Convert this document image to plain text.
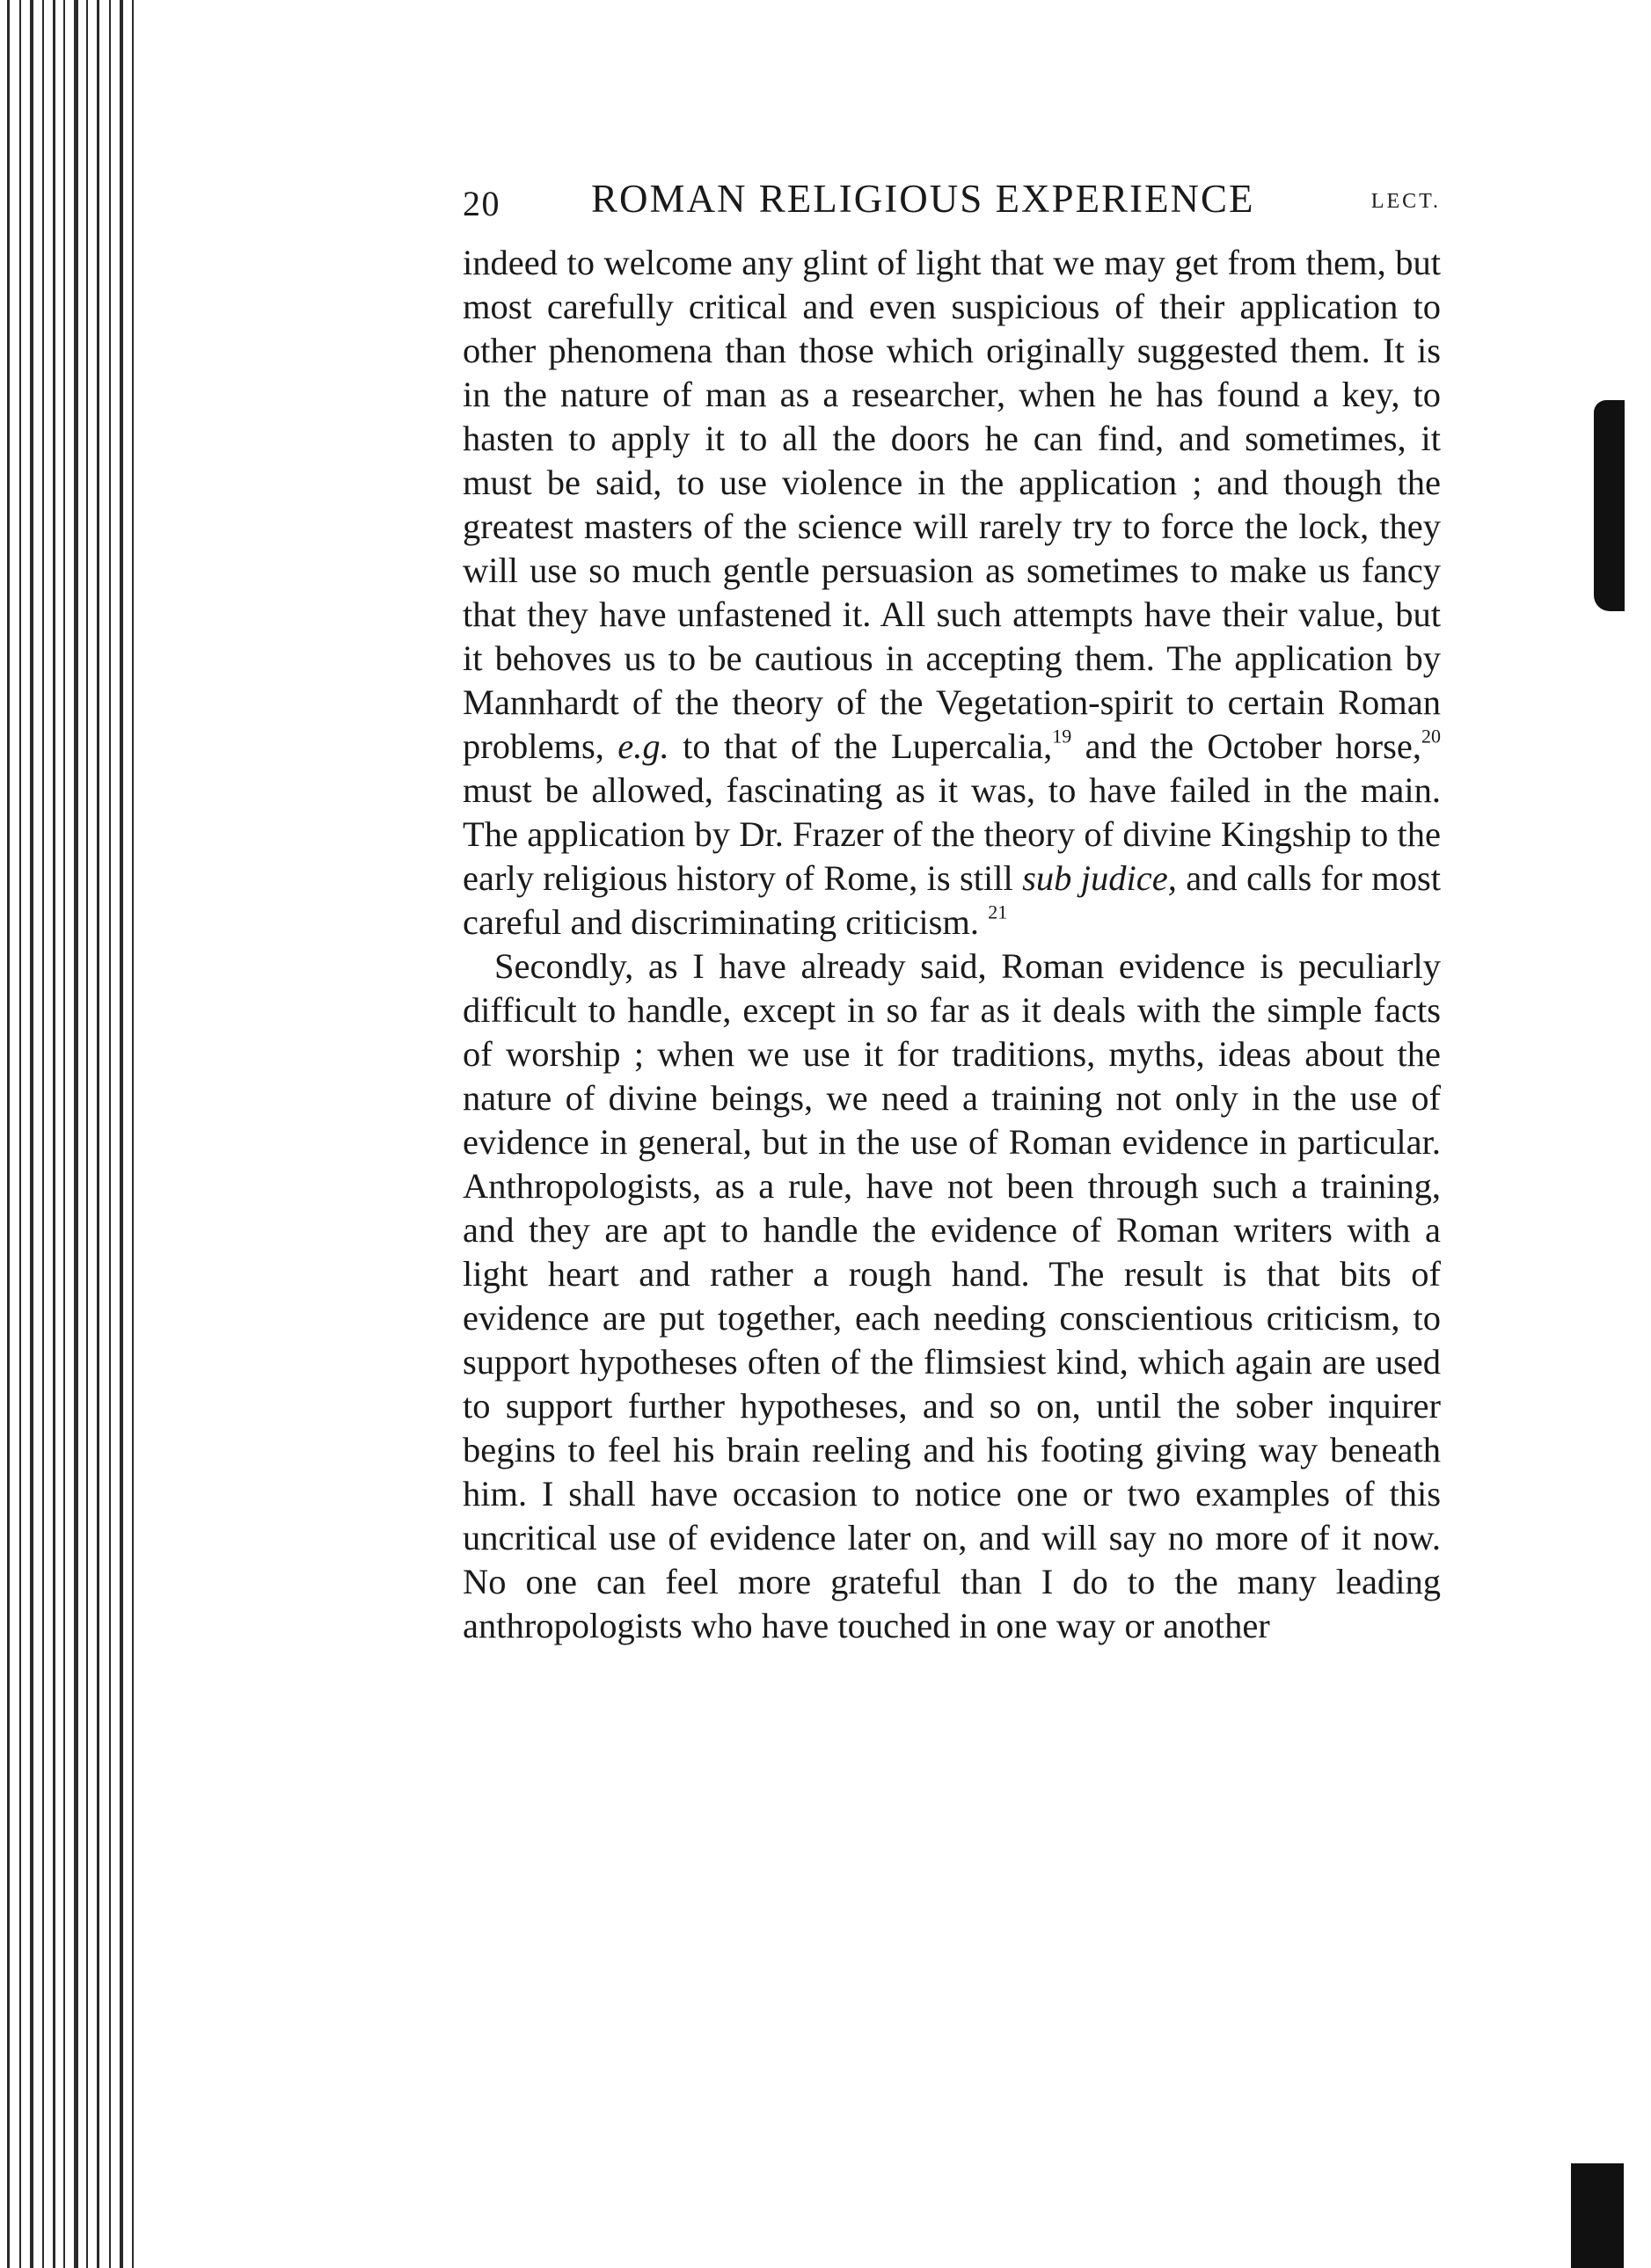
20 ROMAN RELIGIOUS EXPERIENCE	LECT.

indeed to welcome any glint of light that we may get from them, but most carefully critical and even suspicious of their application to other phenomena than those which originally suggested them. It is in the nature of man as a researcher, when he has found a key, to hasten to apply it to all the doors he can find, and sometimes, it must be said, to use violence in the application ; and though the greatest masters of the science will rarely try to force the lock, they will use so much gentle persuasion as sometimes to make us fancy that they have unfastened it. All such attempts have their value, but it behoves us to be cautious in accepting them. The application by Mannhardt of the theory of the Vegetation-spirit to certain Roman problems, e.g. to that of the Lupercalia,$^{19}$ and the October horse,$^{20}$ must be allowed, fascinating as it was, to have failed in the main. The application by Dr. Frazer of the theory of divine Kingship to the early religious history of Rome, is still sub judice, and calls for most careful and discriminating criticism. $^{21}$

Secondly, as I have already said, Roman evidence is peculiarly difficult to handle, except in so far as it deals with the simple facts of worship ; when we use it for traditions, myths, ideas about the nature of divine beings, we need a training not only in the use of evidence in general, but in the use of Roman evidence in particular. Anthropologists, as a rule, have not been through such a training, and they are apt to handle the evidence of Roman writers with a light heart and rather a rough hand. The result is that bits of evidence are put together, each needing conscientious criticism, to support hypotheses often of the flimsiest kind, which again are used to support further hypotheses, and so on, until the sober inquirer begins to feel his brain reeling and his footing giving way beneath him. I shall have occasion to notice one or two examples of this uncritical use of evidence later on, and will say no more of it now. No one can feel more grateful than I do to the many leading anthropologists who have touched in one way or another
